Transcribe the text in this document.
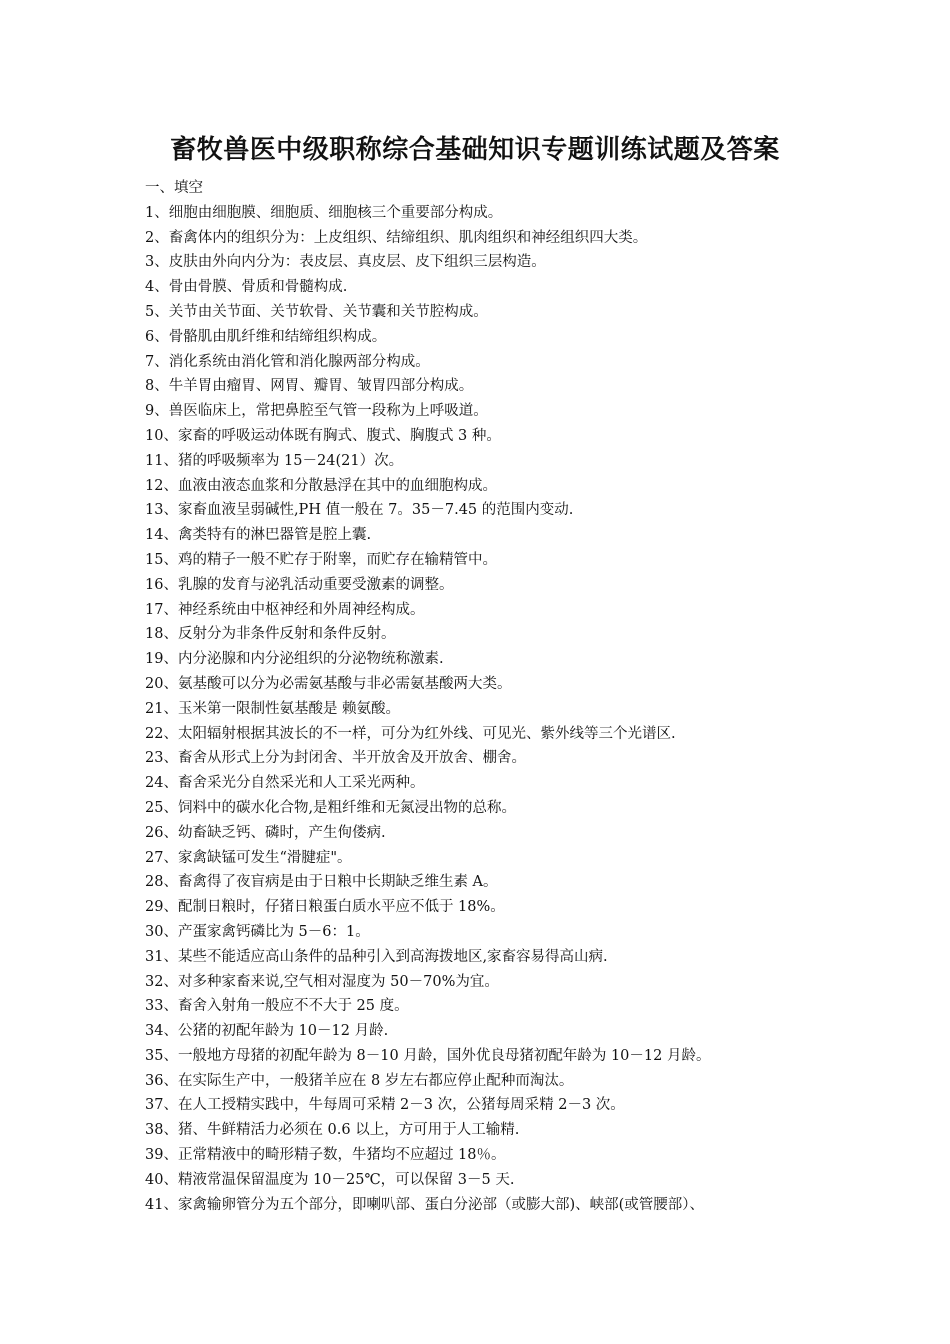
畜牧兽医中级职称综合基础知识专题训练试题及答案
一、填空
1、细胞由细胞膜、细胞质、细胞核三个重要部分构成。
2、畜禽体内的组织分为：上皮组织、结缔组织、肌肉组织和神经组织四大类。
3、皮肤由外向内分为：表皮层、真皮层、皮下组织三层构造。
4、骨由骨膜、骨质和骨髓构成.
5、关节由关节面、关节软骨、关节囊和关节腔构成。
6、骨骼肌由肌纤维和结缔组织构成。
7、消化系统由消化管和消化腺两部分构成。
8、牛羊胃由瘤胃、网胃、瓣胃、皱胃四部分构成。
9、兽医临床上，常把鼻腔至气管一段称为上呼吸道。
10、家畜的呼吸运动体既有胸式、腹式、胸腹式 3 种。
11、猪的呼吸频率为 15－24(21）次。
12、血液由液态血浆和分散悬浮在其中的血细胞构成。
13、家畜血液呈弱碱性,PH 值一般在 7。35－7.45 的范围内变动.
14、禽类特有的淋巴器管是腔上囊.
15、鸡的精子一般不贮存于附睾，而贮存在输精管中。
16、乳腺的发育与泌乳活动重要受激素的调整。
17、神经系统由中枢神经和外周神经构成。
18、反射分为非条件反射和条件反射。
19、内分泌腺和内分泌组织的分泌物统称激素.
20、氨基酸可以分为必需氨基酸与非必需氨基酸两大类。
21、玉米第一限制性氨基酸是 赖氨酸。
22、太阳辐射根据其波长的不一样，可分为红外线、可见光、紫外线等三个光谱区.
23、畜舍从形式上分为封闭舍、半开放舍及开放舍、棚舍。
24、畜舍采光分自然采光和人工采光两种。
25、饲料中的碳水化合物,是粗纤维和无氮浸出物的总称。
26、幼畜缺乏钙、磷时，产生佝偻病.
27、家禽缺锰可发生“滑腱症"。
28、畜禽得了夜盲病是由于日粮中长期缺乏维生素 A。
29、配制日粮时，仔猪日粮蛋白质水平应不低于 18%。
30、产蛋家禽钙磷比为 5－6：1。
31、某些不能适应高山条件的品种引入到高海拨地区,家畜容易得高山病.
32、对多种家畜来说,空气相对湿度为 50－70%为宜。
33、畜舍入射角一般应不不大于 25 度。
34、公猪的初配年龄为 10－12 月龄.
35、一般地方母猪的初配年龄为 8－10 月龄，国外优良母猪初配年龄为 10－12 月龄。
36、在实际生产中，一般猪羊应在 8 岁左右都应停止配种而淘汰。
37、在人工授精实践中，牛每周可采精 2－3 次，公猪每周采精 2－3 次。
38、猪、牛鲜精活力必须在 0.6 以上，方可用于人工输精.
39、正常精液中的畸形精子数，牛猪均不应超过 18％。
40、精液常温保留温度为 10－25℃，可以保留 3－5 天.
41、家禽输卵管分为五个部分，即喇叭部、蛋白分泌部（或膨大部)、峡部(或管腰部）、
